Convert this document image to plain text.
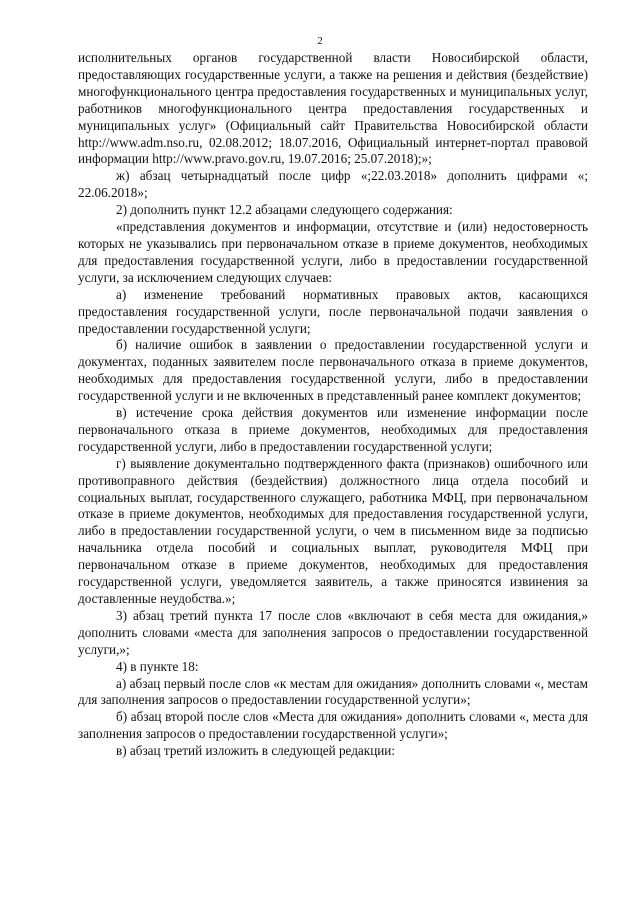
2

исполнительных органов государственной власти Новосибирской области, предоставляющих государственные услуги, а также на решения и действия (бездействие) многофункционального центра предоставления государственных и муниципальных услуг, работников многофункционального центра предоставления государственных и муниципальных услуг» (Официальный сайт Правительства Новосибирской области http://www.adm.nso.ru, 02.08.2012; 18.07.2016, Официальный интернет-портал правовой информации http://www.pravo.gov.ru, 19.07.2016; 25.07.2018);»;

ж) абзац четырнадцатый после цифр «;22.03.2018» дополнить цифрами «; 22.06.2018»;

2) дополнить пункт 12.2 абзацами следующего содержания:

«представления документов и информации, отсутствие и (или) недостоверность которых не указывались при первоначальном отказе в приеме документов, необходимых для предоставления государственной услуги, либо в предоставлении государственной услуги, за исключением следующих случаев:

а) изменение требований нормативных правовых актов, касающихся предоставления государственной услуги, после первоначальной подачи заявления о предоставлении государственной услуги;

б) наличие ошибок в заявлении о предоставлении государственной услуги и документах, поданных заявителем после первоначального отказа в приеме документов, необходимых для предоставления государственной услуги, либо в предоставлении государственной услуги и не включенных в представленный ранее комплект документов;

в) истечение срока действия документов или изменение информации после первоначального отказа в приеме документов, необходимых для предоставления государственной услуги, либо в предоставлении государственной услуги;

г) выявление документально подтвержденного факта (признаков) ошибочного или противоправного действия (бездействия) должностного лица отдела пособий и социальных выплат, государственного служащего, работника МФЦ, при первоначальном отказе в приеме документов, необходимых для предоставления государственной услуги, либо в предоставлении государственной услуги, о чем в письменном виде за подписью начальника отдела пособий и социальных выплат, руководителя МФЦ при первоначальном отказе в приеме документов, необходимых для предоставления государственной услуги, уведомляется заявитель, а также приносятся извинения за доставленные неудобства.»;

3) абзац третий пункта 17 после слов «включают в себя места для ожидания,» дополнить словами «места для заполнения запросов о предоставлении государственной услуги,»;

4) в пункте 18:

а) абзац первый после слов «к местам для ожидания» дополнить словами «, местам для заполнения запросов о предоставлении государственной услуги»;

б) абзац второй после слов «Места для ожидания» дополнить словами «, места для заполнения запросов о предоставлении государственной услуги»;

в) абзац третий изложить в следующей редакции:
